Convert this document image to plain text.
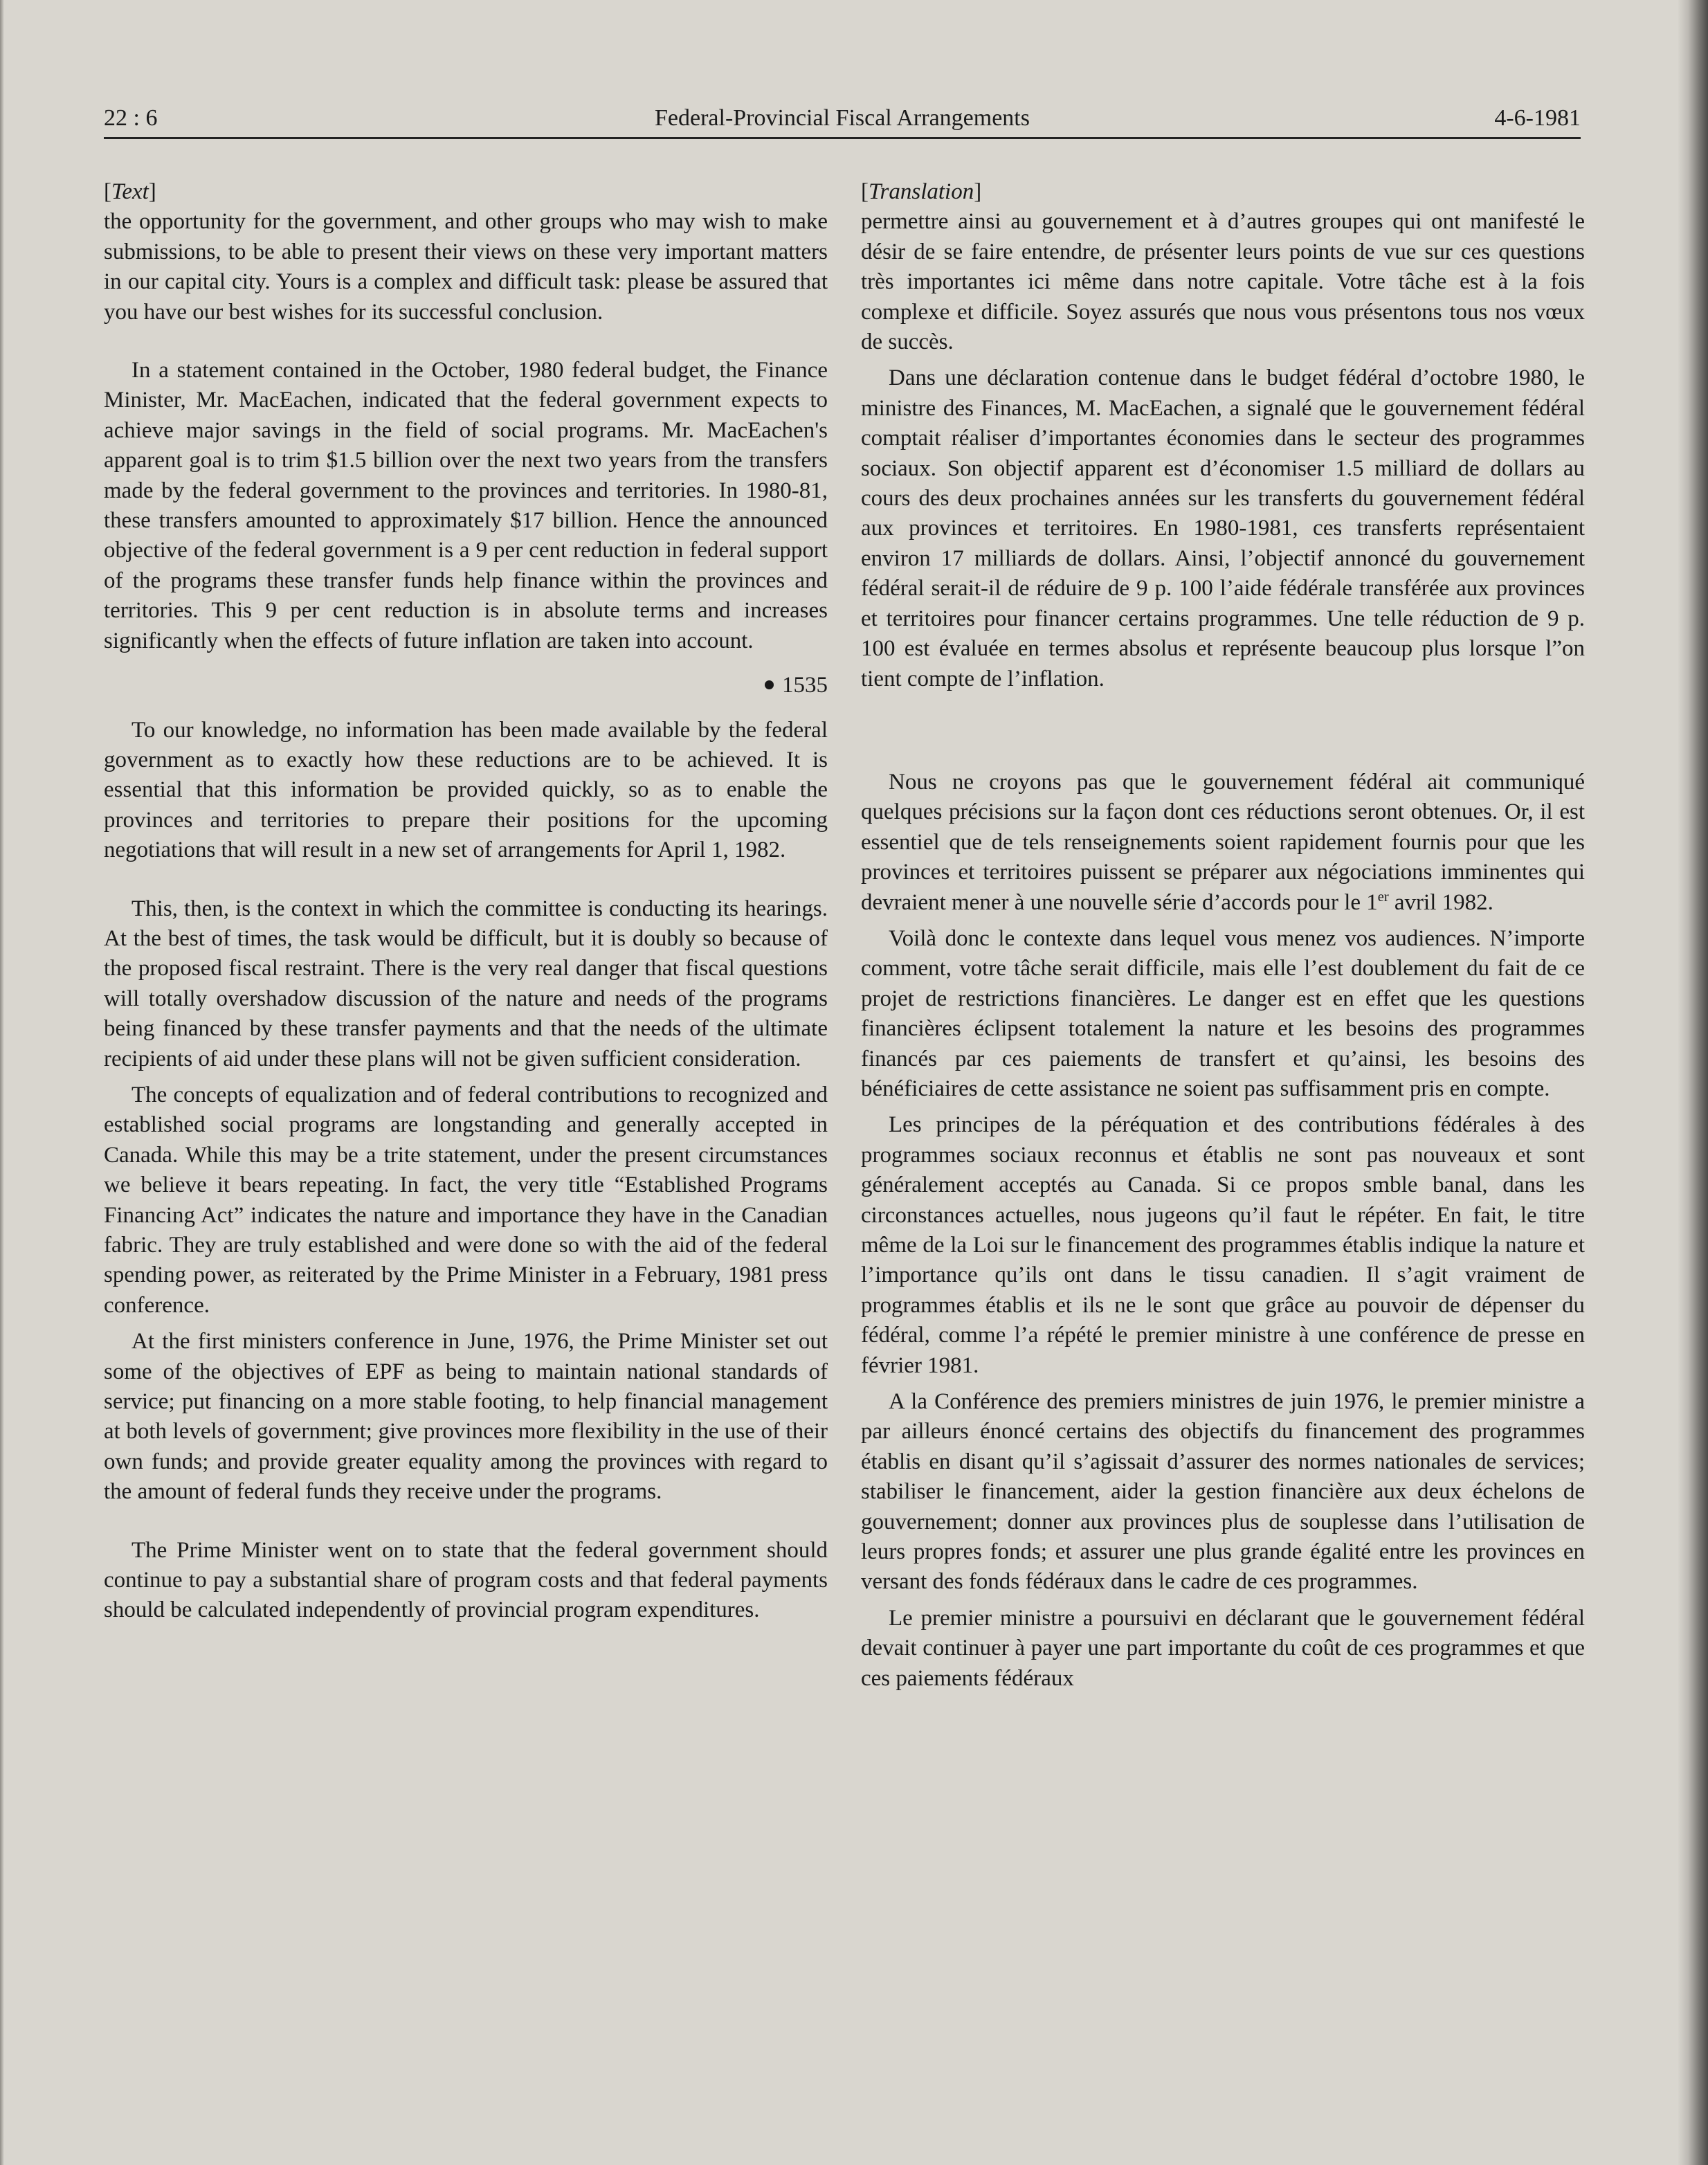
22 : 6	Federal-Provincial Fiscal Arrangements	4-6-1981

[Text]

the opportunity for the government, and other groups who may wish to make submissions, to be able to present their views on these very important matters in our capital city. Yours is a complex and difficult task: please be assured that you have our best wishes for its successful conclusion.

In a statement contained in the October, 1980 federal budget, the Finance Minister, Mr. MacEachen, indicated that the federal government expects to achieve major savings in the field of social programs. Mr. MacEachen's apparent goal is to trim $1.5 billion over the next two years from the transfers made by the federal government to the provinces and territories. In 1980-81, these transfers amounted to approximately $17 billion. Hence the announced objective of the federal government is a 9 per cent reduction in federal support of the programs these transfer funds help finance within the provinces and territories. This 9 per cent reduction is in absolute terms and increases significantly when the effects of future inflation are taken into account.

1535

To our knowledge, no information has been made available by the federal government as to exactly how these reductions are to be achieved. It is essential that this information be provided quickly, so as to enable the provinces and territories to prepare their positions for the upcoming negotiations that will result in a new set of arrangements for April 1, 1982.

This, then, is the context in which the committee is conducting its hearings. At the best of times, the task would be difficult, but it is doubly so because of the proposed fiscal restraint. There is the very real danger that fiscal questions will totally overshadow discussion of the nature and needs of the programs being financed by these transfer payments and that the needs of the ultimate recipients of aid under these plans will not be given sufficient consideration.

The concepts of equalization and of federal contributions to recognized and established social programs are longstanding and generally accepted in Canada. While this may be a trite statement, under the present circumstances we believe it bears repeating. In fact, the very title “Established Programs Financing Act” indicates the nature and importance they have in the Canadian fabric. They are truly established and were done so with the aid of the federal spending power, as reiterated by the Prime Minister in a February, 1981 press conference.

At the first ministers conference in June, 1976, the Prime Minister set out some of the objectives of EPF as being to maintain national standards of service; put financing on a more stable footing, to help financial management at both levels of government; give provinces more flexibility in the use of their own funds; and provide greater equality among the provinces with regard to the amount of federal funds they receive under the programs.

The Prime Minister went on to state that the federal government should continue to pay a substantial share of program costs and that federal payments should be calculated independently of provincial program expenditures.

[Translation]

permettre ainsi au gouvernement et à d’autres groupes qui ont manifesté le désir de se faire entendre, de présenter leurs points de vue sur ces questions très importantes ici même dans notre capitale. Votre tâche est à la fois complexe et difficile. Soyez assurés que nous vous présentons tous nos vœux de succès.

Dans une déclaration contenue dans le budget fédéral d’octobre 1980, le ministre des Finances, M. MacEachen, a signalé que le gouvernement fédéral comptait réaliser d’importantes économies dans le secteur des programmes sociaux. Son objectif apparent est d’économiser 1.5 milliard de dollars au cours des deux prochaines années sur les transferts du gouvernement fédéral aux provinces et territoires. En 1980-1981, ces transferts représentaient environ 17 milliards de dollars. Ainsi, l’objectif annoncé du gouvernement fédéral serait-il de réduire de 9 p. 100 l’aide fédérale transférée aux provinces et territoires pour financer certains programmes. Une telle réduction de 9 p. 100 est évaluée en termes absolus et représente beaucoup plus lorsque l”on tient compte de l’inflation.

Nous ne croyons pas que le gouvernement fédéral ait communiqué quelques précisions sur la façon dont ces réductions seront obtenues. Or, il est essentiel que de tels renseignements soient rapidement fournis pour que les provinces et territoires puissent se préparer aux négociations imminentes qui devraient mener à une nouvelle série d’accords pour le 1er avril 1982.

Voilà donc le contexte dans lequel vous menez vos audiences. N’importe comment, votre tâche serait difficile, mais elle l’est doublement du fait de ce projet de restrictions financières. Le danger est en effet que les questions financières éclipsent totalement la nature et les besoins des programmes financés par ces paiements de transfert et qu’ainsi, les besoins des bénéficiaires de cette assistance ne soient pas suffisamment pris en compte.

Les principes de la péréquation et des contributions fédérales à des programmes sociaux reconnus et établis ne sont pas nouveaux et sont généralement acceptés au Canada. Si ce propos smble banal, dans les circonstances actuelles, nous jugeons qu’il faut le répéter. En fait, le titre même de la Loi sur le financement des programmes établis indique la nature et l’importance qu’ils ont dans le tissu canadien. Il s’agit vraiment de programmes établis et ils ne le sont que grâce au pouvoir de dépenser du fédéral, comme l’a répété le premier ministre à une conférence de presse en février 1981.

A la Conférence des premiers ministres de juin 1976, le premier ministre a par ailleurs énoncé certains des objectifs du financement des programmes établis en disant qu’il s’agissait d’assurer des normes nationales de services; stabiliser le financement, aider la gestion financière aux deux échelons de gouvernement; donner aux provinces plus de souplesse dans l’utilisation de leurs propres fonds; et assurer une plus grande égalité entre les provinces en versant des fonds fédéraux dans le cadre de ces programmes.

Le premier ministre a poursuivi en déclarant que le gouvernement fédéral devait continuer à payer une part importante du coût de ces programmes et que ces paiements fédéraux
